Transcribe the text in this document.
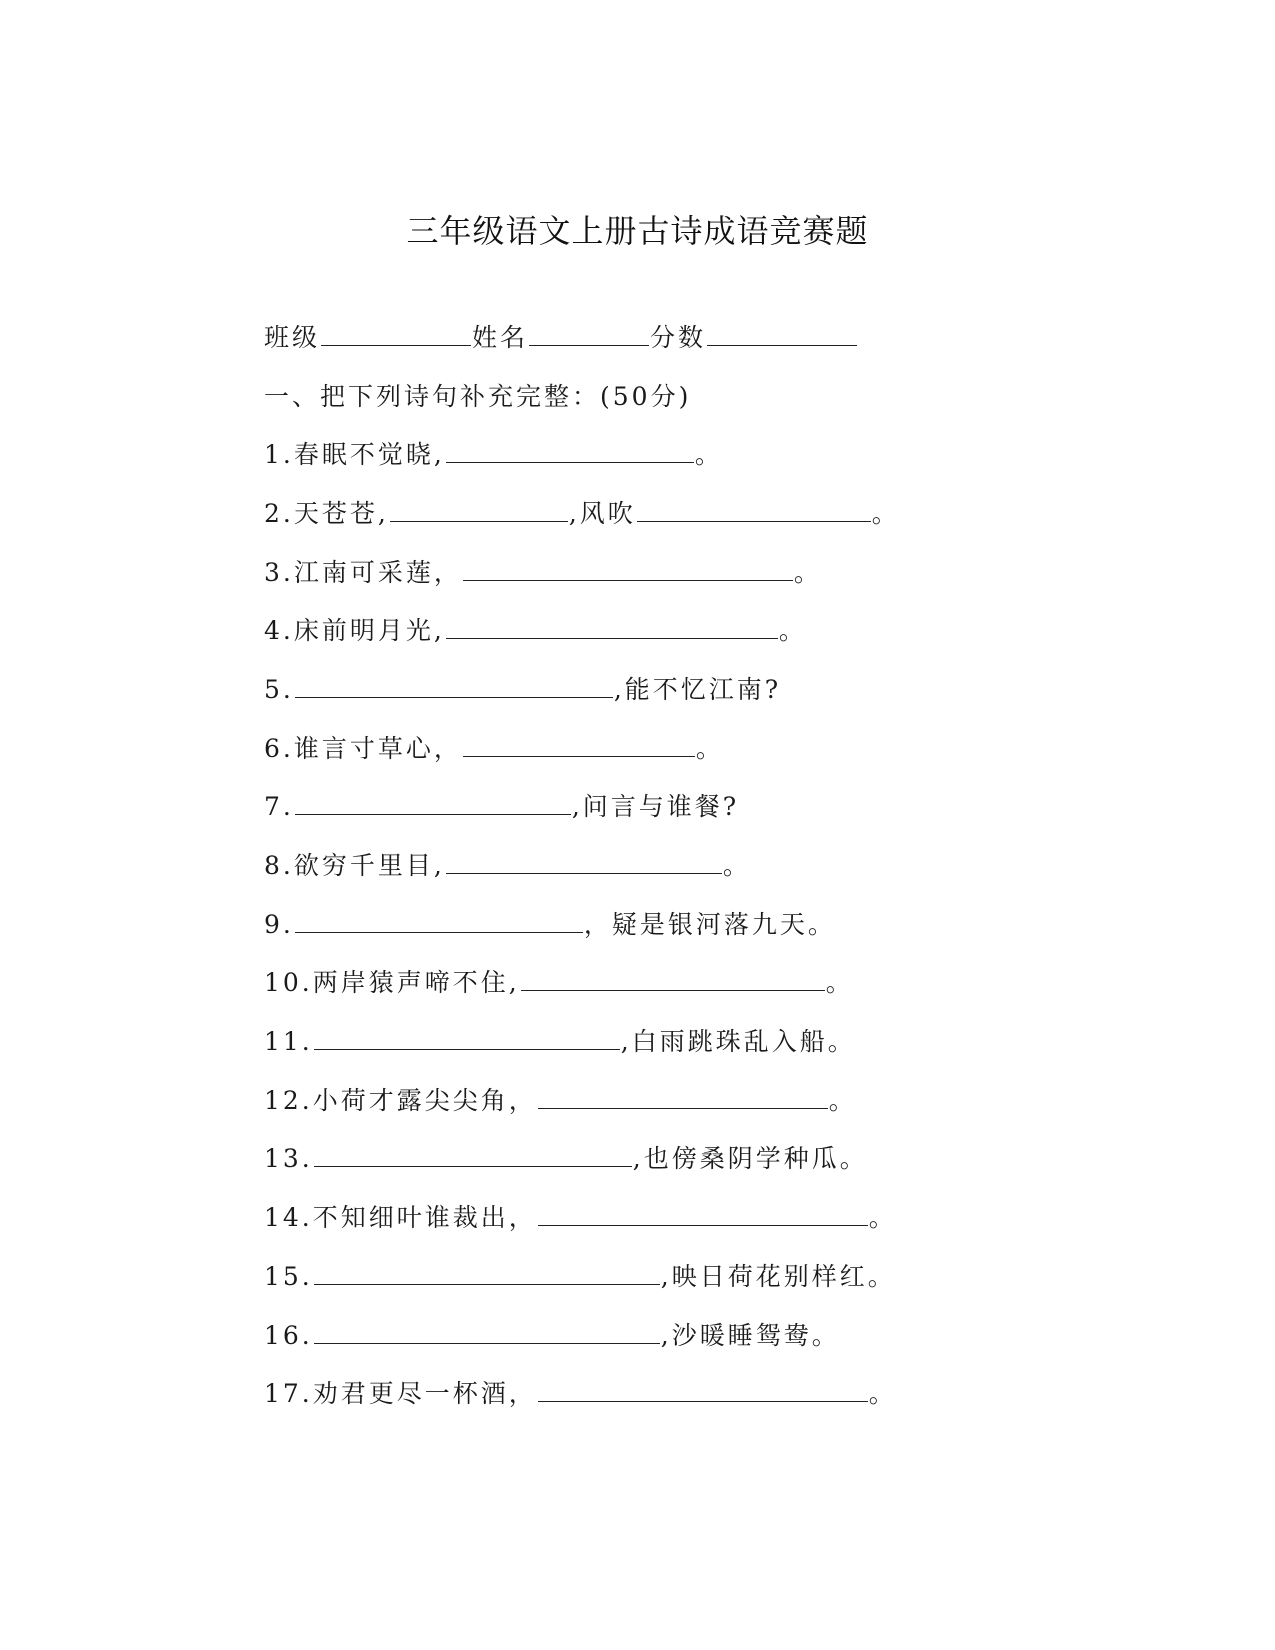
三年级语文上册古诗成语竞赛题
班级	姓名	分数
一、把下列诗句补充完整：(50分)
1.春眠不觉晓,	。
2.天苍苍,	,风吹	。
3.江南可采莲，	。
4.床前明月光,	。
5.	,能不忆江南?
6.谁言寸草心，	。
7.	,问言与谁餐?
8.欲穷千里目,	。
9.	，疑是银河落九天。
10.两岸猿声啼不住,	。
11.	,白雨跳珠乱入船。
12.小荷才露尖尖角，	。
13.	,也傍桑阴学种瓜。
14.不知细叶谁裁出，	。
15.	,映日荷花别样红。
16.	,沙暖睡鸳鸯。
17.劝君更尽一杯酒，	。
